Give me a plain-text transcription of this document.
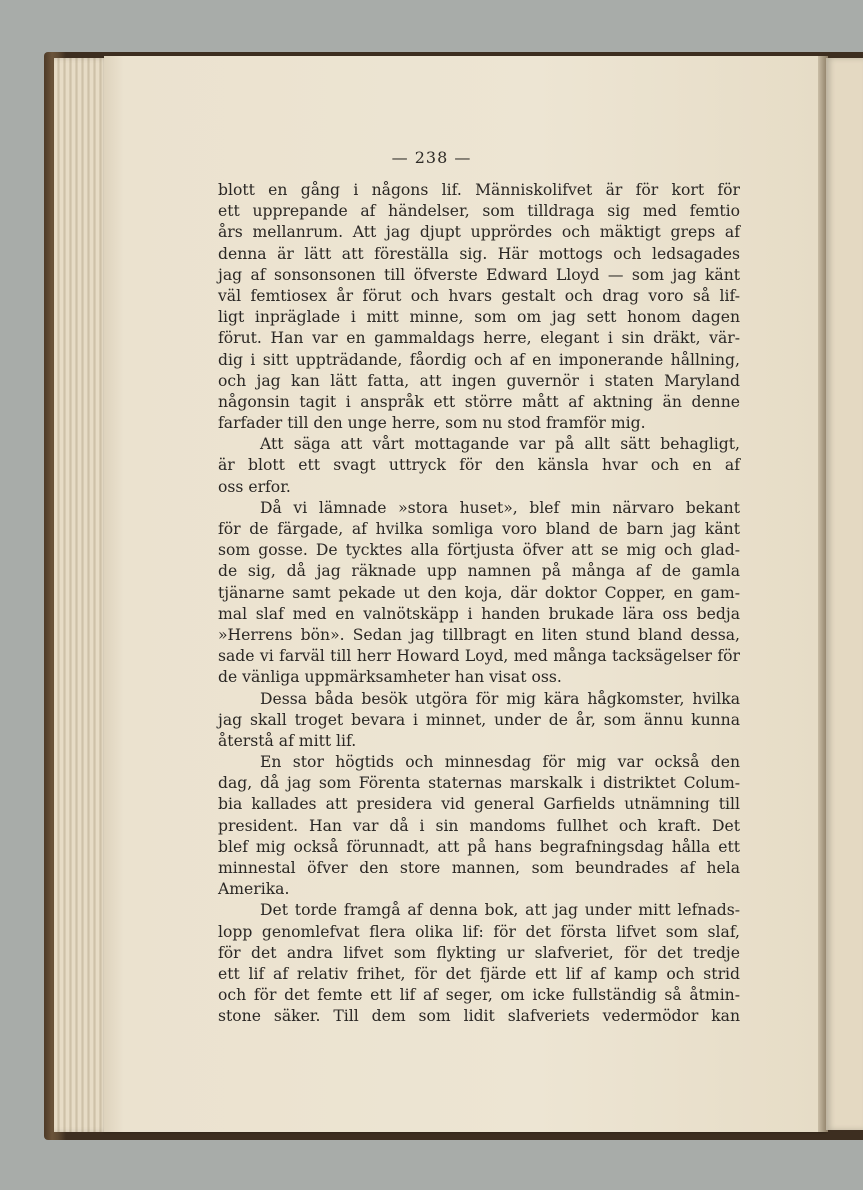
— 238 —
blott en gång i någons lif. Människolifvet är för kort för
ett upprepande af händelser, som tilldraga sig med femtio
års mellanrum. Att jag djupt upprördes och mäktigt greps af
denna är lätt att föreställa sig. Här mottogs och ledsagades
jag af sonsonsonen till öfverste Edward Lloyd — som jag känt
väl femtiosex år förut och hvars gestalt och drag voro så lif-
ligt inpräglade i mitt minne, som om jag sett honom dagen
förut. Han var en gammaldags herre, elegant i sin dräkt, vär-
dig i sitt uppträdande, fåordig och af en imponerande hållning,
och jag kan lätt fatta, att ingen guvernör i staten Maryland
någonsin tagit i anspråk ett större mått af aktning än denne
farfader till den unge herre, som nu stod framför mig.
Att säga att vårt mottagande var på allt sätt behagligt,
är blott ett svagt uttryck för den känsla hvar och en af
oss erfor.
Då vi lämnade »stora huset», blef min närvaro bekant
för de färgade, af hvilka somliga voro bland de barn jag känt
som gosse. De tycktes alla förtjusta öfver att se mig och glad-
de sig, då jag räknade upp namnen på många af de gamla
tjänarne samt pekade ut den koja, där doktor Copper, en gam-
mal slaf med en valnötskäpp i handen brukade lära oss bedja
»Herrens bön». Sedan jag tillbragt en liten stund bland dessa,
sade vi farväl till herr Howard Loyd, med många tacksägelser för
de vänliga uppmärksamheter han visat oss.
Dessa båda besök utgöra för mig kära hågkomster, hvilka
jag skall troget bevara i minnet, under de år, som ännu kunna
återstå af mitt lif.
En stor högtids och minnesdag för mig var också den
dag, då jag som Förenta staternas marskalk i distriktet Colum-
bia kallades att presidera vid general Garfields utnämning till
president. Han var då i sin mandoms fullhet och kraft. Det
blef mig också förunnadt, att på hans begrafningsdag hålla ett
minnestal öfver den store mannen, som beundrades af hela
Amerika.
Det torde framgå af denna bok, att jag under mitt lefnads-
lopp genomlefvat flera olika lif: för det första lifvet som slaf,
för det andra lifvet som flykting ur slafveriet, för det tredje
ett lif af relativ frihet, för det fjärde ett lif af kamp och strid
och för det femte ett lif af seger, om icke fullständig så åtmin-
stone säker. Till dem som lidit slafveriets vedermödor kan
